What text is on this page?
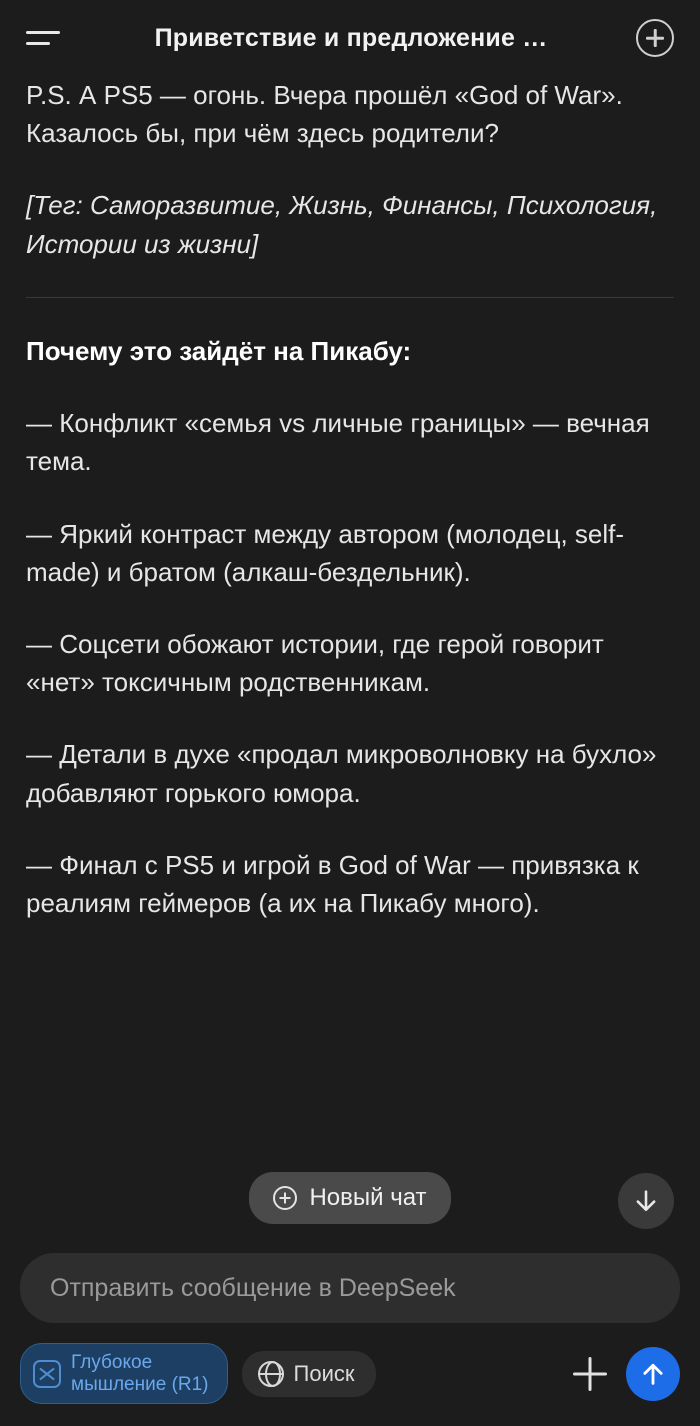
Приветствие и предложение …

P.S. А PS5 — огонь. Вчера прошёл «God of War». Казалось бы, при чём здесь родители?

[Тег: Саморазвитие, Жизнь, Финансы, Психология, Истории из жизни]

Почему это зайдёт на Пикабу:

— Конфликт «семья vs личные границы» — вечная тема.

— Яркий контраст между автором (молодец, self-made) и братом (алкаш-бездельник).

— Соцсети обожают истории, где герой говорит «нет» токсичным родственникам.

— Детали в духе «продал микроволновку на бухло» добавляют горького юмора.

— Финал с PS5 и игрой в God of War — привязка к реалиям геймеров (а их на Пикабу много).

Новый чат
Отправить сообщение в DeepSeek
Глубокое
мышление (R1)	Поиск
